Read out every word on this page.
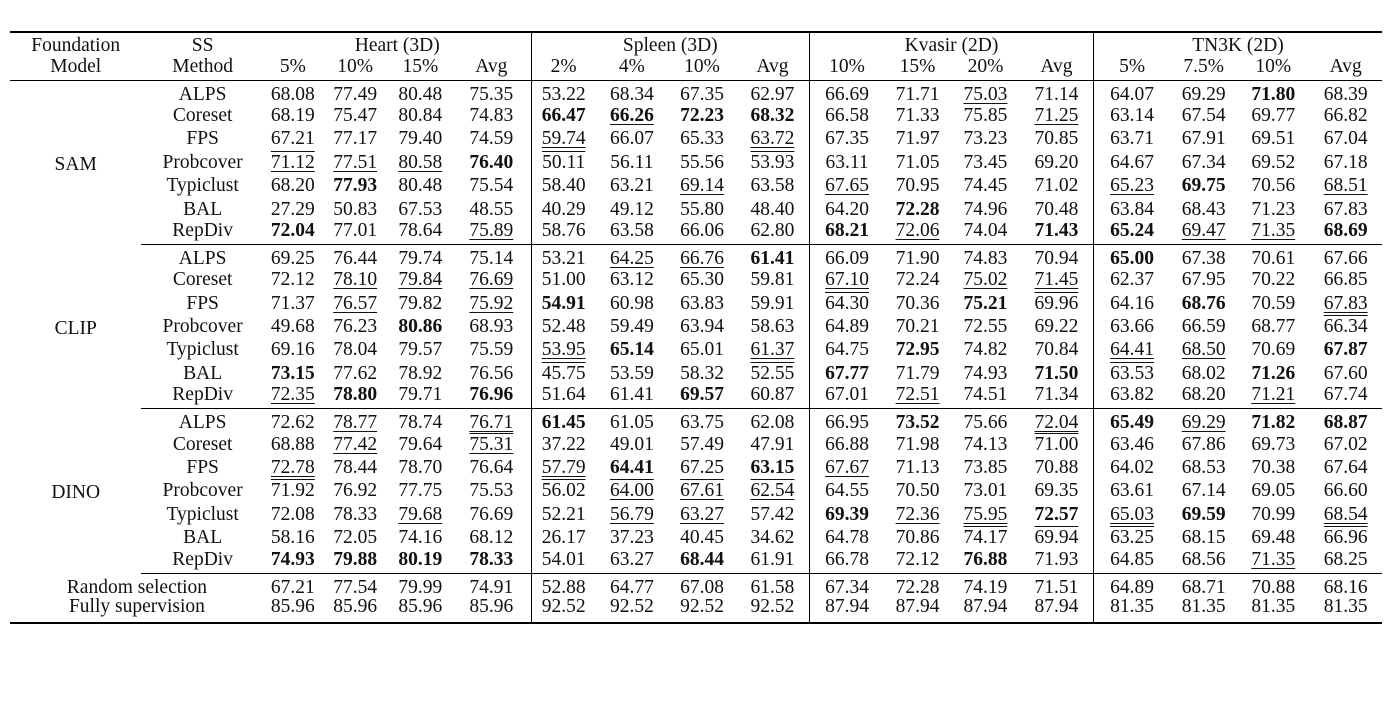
Foundation	SS	Heart (3D)				Spleen (3D)				Kvasir (2D)				TN3K (2D)			
Model	Method	5%	10%	15%	Avg	2%	4%	10%	Avg	10%	15%	20%	Avg	5%	7.5%	10%	Avg
SAM	ALPS	68.08	77.49	80.48	75.35	53.22	68.34	67.35	62.97	66.69	71.71	75.03	71.14	64.07	69.29	71.80	68.39
	Coreset	68.19	75.47	80.84	74.83	66.47	66.26	72.23	68.32	66.58	71.33	75.85	71.25	63.14	67.54	69.77	66.82
	FPS	67.21	77.17	79.40	74.59	59.74	66.07	65.33	63.72	67.35	71.97	73.23	70.85	63.71	67.91	69.51	67.04
	Probcover	71.12	77.51	80.58	76.40	50.11	56.11	55.56	53.93	63.11	71.05	73.45	69.20	64.67	67.34	69.52	67.18
	Typiclust	68.20	77.93	80.48	75.54	58.40	63.21	69.14	63.58	67.65	70.95	74.45	71.02	65.23	69.75	70.56	68.51
	BAL	27.29	50.83	67.53	48.55	40.29	49.12	55.80	48.40	64.20	72.28	74.96	70.48	63.84	68.43	71.23	67.83
	RepDiv	72.04	77.01	78.64	75.89	58.76	63.58	66.06	62.80	68.21	72.06	74.04	71.43	65.24	69.47	71.35	68.69
CLIP	ALPS	69.25	76.44	79.74	75.14	53.21	64.25	66.76	61.41	66.09	71.90	74.83	70.94	65.00	67.38	70.61	67.66
	Coreset	72.12	78.10	79.84	76.69	51.00	63.12	65.30	59.81	67.10	72.24	75.02	71.45	62.37	67.95	70.22	66.85
	FPS	71.37	76.57	79.82	75.92	54.91	60.98	63.83	59.91	64.30	70.36	75.21	69.96	64.16	68.76	70.59	67.83
	Probcover	49.68	76.23	80.86	68.93	52.48	59.49	63.94	58.63	64.89	70.21	72.55	69.22	63.66	66.59	68.77	66.34
	Typiclust	69.16	78.04	79.57	75.59	53.95	65.14	65.01	61.37	64.75	72.95	74.82	70.84	64.41	68.50	70.69	67.87
	BAL	73.15	77.62	78.92	76.56	45.75	53.59	58.32	52.55	67.77	71.79	74.93	71.50	63.53	68.02	71.26	67.60
	RepDiv	72.35	78.80	79.71	76.96	51.64	61.41	69.57	60.87	67.01	72.51	74.51	71.34	63.82	68.20	71.21	67.74
DINO	ALPS	72.62	78.77	78.74	76.71	61.45	61.05	63.75	62.08	66.95	73.52	75.66	72.04	65.49	69.29	71.82	68.87
	Coreset	68.88	77.42	79.64	75.31	37.22	49.01	57.49	47.91	66.88	71.98	74.13	71.00	63.46	67.86	69.73	67.02
	FPS	72.78	78.44	78.70	76.64	57.79	64.41	67.25	63.15	67.67	71.13	73.85	70.88	64.02	68.53	70.38	67.64
	Probcover	71.92	76.92	77.75	75.53	56.02	64.00	67.61	62.54	64.55	70.50	73.01	69.35	63.61	67.14	69.05	66.60
	Typiclust	72.08	78.33	79.68	76.69	52.21	56.79	63.27	57.42	69.39	72.36	75.95	72.57	65.03	69.59	70.99	68.54
	BAL	58.16	72.05	74.16	68.12	26.17	37.23	40.45	34.62	64.78	70.86	74.17	69.94	63.25	68.15	69.48	66.96
	RepDiv	74.93	79.88	80.19	78.33	54.01	63.27	68.44	61.91	66.78	72.12	76.88	71.93	64.85	68.56	71.35	68.25
Random selection		67.21	77.54	79.99	74.91	52.88	64.77	67.08	61.58	67.34	72.28	74.19	71.51	64.89	68.71	70.88	68.16
Fully supervision		85.96	85.96	85.96	85.96	92.52	92.52	92.52	92.52	87.94	87.94	87.94	87.94	81.35	81.35	81.35	81.35
